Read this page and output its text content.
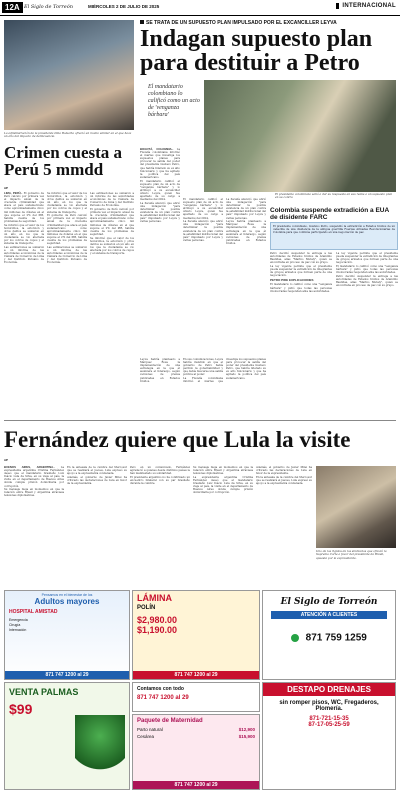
12A El Siglo de Torreón	MIÉRCOLES 2 DE JULIO DE 2025	INTERNACIONAL
La administración de la presidenta Dina Boluarte ofreció un monto similar en el que hace un año del impacto de delincuencia.
Crimen cuesta a Perú 5 mmdd
AP

LIMA, PERÚ.- El gobierno de Perú calculó por primera vez el impacto anual de la creciente criminalidad que ataca el país sudamericano como aproximadamente cinco mil millones de dólares en el que supone el 2% del PIB, habida cuenta de los problemas de seguridad.

Se informó que el valor de los homicidios, la extorsión y otros delitos se sumaron en un año en los que la ciudadanía se vio afectada por los cobros de cupos y el sistema de transporte.

Las estimaciones se sumaron a un informe de las autoridades económicas de la Cámara de Comercio de Lima y del Instituto Peruano de Economía.

Se informó que el valor de los homicidios, la extorsión y otros delitos se sumaron en un año en los que la ciudadanía se vio afectada por los cobros de cupos y el sistema de transporte.

El gobierno de Perú calculó por primera vez el impacto anual de la creciente criminalidad que ataca el país sudamericano como aproximadamente cinco mil millones de dólares en el que supone el 2% del PIB, habida cuenta de los problemas de seguridad.

Las estimaciones se sumaron a un informe de las autoridades económicas de la Cámara de Comercio de Lima y del Instituto Peruano de Economía.

Las estimaciones se sumaron a un informe de las autoridades económicas de la Cámara de Comercio de Lima y del Instituto Peruano de Economía.

El gobierno de Perú calculó por primera vez el impacto anual de la creciente criminalidad que ataca el país sudamericano como aproximadamente cinco mil millones de dólares en el que supone el 2% del PIB, habida cuenta de los problemas de seguridad.

Se informó que el valor de los homicidios, la extorsión y otros delitos se sumaron en un año en los que la ciudadanía se vio afectada por los cobros de cupos y el sistema de transporte.

SE TRATA DE UN SUPUESTO PLAN IMPULSADO POR EL EXCANCILLER LEYVA
Indagan supuesto plan para destituir a Petro
El mandatario colombiano lo calificó como un acto de 'venganza bárbara'
El presidente colombiano salió a dar su respuesta en sus redes a un supuesto plan en su contra

BOGOTÁ, COLOMBIA.- La Fiscalía colombiana informó el martes que investiga los supuestos planes para provocar la salida del poder del presidente Gustavo Petro, que habría liderado su ex alto funcionario y que ha agitado la política del país sudamericano.

El mandatario calificó el supuesto plan de un acto de "venganza bárbara" y lo atribuyó a su excanciller Álvaro Leyva, quien fue apartado de su cargo a mediados del 2024.

La fiscalía anunció que abrió una indagación "para determinar la posible existencia de un plan contra la estabilidad institucional del país" impulsado por Leyva y varias personas.

El mandatario calificó el supuesto plan de un acto de "venganza bárbara" y lo atribuyó a su excanciller Álvaro Leyva, quien fue apartado de su cargo a mediados del 2024.

La fiscalía anunció que abrió una indagación "para determinar la posible existencia de un plan contra la estabilidad institucional del país" impulsado por Leyva y varias personas.

La fiscalía anunció que abrió una indagación "para determinar la posible existencia de un plan contra la estabilidad institucional del país" impulsado por Leyva y varias personas.

Leyva habría planteado a Marquez Rosa la implementación de una estrategia en la que él asumiera el liderazgo, según versiones de prensa publicadas en Estados Unidos.

Leyva habría planteado a Marquez Rosa la implementación de una estrategia en la que él asumiera el liderazgo, según versiones de prensa publicadas en Estados Unidos.

En sus comunicaciones, Leyva habría insistido en que el gobierno de Petro había perdido la gobernabilidad y que debía buscarse una salida política al poder.

La Fiscalía colombiana informó el martes que investiga los supuestos planes para provocar la salida del poder del presidente Gustavo Petro, que habría liderado su ex alto funcionario y que ha agitado la política del país sudamericano.

Colombia suspende extradición a EUA de disidente FARC
El presidente colombiano, Gustavo Petro, suspendió la extradición a Estados Unidos de un cabecilla de una disidencia de la antigua guerrilla Fuerzas Armadas Revolucionarias de Colombia para que continúe participando en una negociación de paz.

Petro decidió suspender la entrega a las autoridades de Estados Unidos de Araminto Bastidas, alias "Marino Mutaly", quien se encontraba en proceso de paz con su grupo.

La ley vigente permite que el presidente pueda suspender la extradición de integrantes de grupos armados que formen parte de una negociación.

PETRO PIDE EXPLICACIONES

El mandatario lo calificó como una "venganza bárbara" y pidió que todas las personas involucradas respondan ante las autoridades.

La ley vigente permite que el presidente pueda suspender la extradición de integrantes de grupos armados que formen parte de una negociación.

El mandatario lo calificó como una "venganza bárbara" y pidió que todas las personas involucradas respondan ante las autoridades.

Petro decidió suspender la entrega a las autoridades de Estados Unidos de Araminto Bastidas, alias "Marino Mutaly", quien se encontraba en proceso de paz con su grupo.

Fernández quiere que Lula la visite
AP

BUENOS AIRES, ARGENTINA.- La expresidenta argentina Cristina Fernández deseó que el mandatario brasileño Luiz Inácio Lula da Silva, en su viaje al país, la visite en el departamento de Buenos Aires donde cumple prisión domiciliaria por corrupción.

Su mensaje llega en momentos en que la relación entre Brasil y Argentina atraviesa tensiones diplomáticas.

En la antesala de la cumbre del Mercosur que se realizará el jueves, Lula expresó su apoyo a la expresidenta condenada.

Además, el gobierno de Javier Milei ha criticado las declaraciones de Lula en favor de la expresidenta.

Pero en un comunicado, Fernández agradeció a quienes desde distintos países le han manifestado su solidaridad.

El presidente argentino no ha confirmado un encuentro bilateral con su par brasileño durante la cumbre.

Su mensaje llega en momentos en que la relación entre Brasil y Argentina atraviesa tensiones diplomáticas.

La expresidenta argentina Cristina Fernández deseó que el mandatario brasileño Luiz Inácio Lula da Silva, en su viaje al país, la visite en el departamento de Buenos Aires donde cumple prisión domiciliaria por corrupción.

Además, el gobierno de Javier Milei ha criticado las declaraciones de Lula en favor de la expresidenta.

En la antesala de la cumbre del Mercosur que se realizará el jueves, Lula expresó su apoyo a la expresidenta condenada.

Uno de los rigidos de los sindicatos que ofreció la Suprema Corte a favor del presidente de Brasil, apuesta por la expresidenta.
Pensamos en el bienestar de los
Adultos mayores
HOSPITAL AMISTAD
Emergencia
Cirugía
Internación
871 747 1200 al 29
LÁMINA
POLÍN
$2,980.00
$1,190.00
871 747 1200 al 29
El Siglo de Torreón
ATENCIÓN A CLIENTES
871 759 1259
VENTA PALMAS
$99
Contamos con todo
871 747 1200 al 29
Paquete de Maternidad
Parto natural	$12,900
Cesárea	$15,900
871 747 1200 al 29
DESTAPO DRENAJES
sin romper pisos, WC, Fregaderos, Plomería.
871-721-15-35
87-17-05-25-59
